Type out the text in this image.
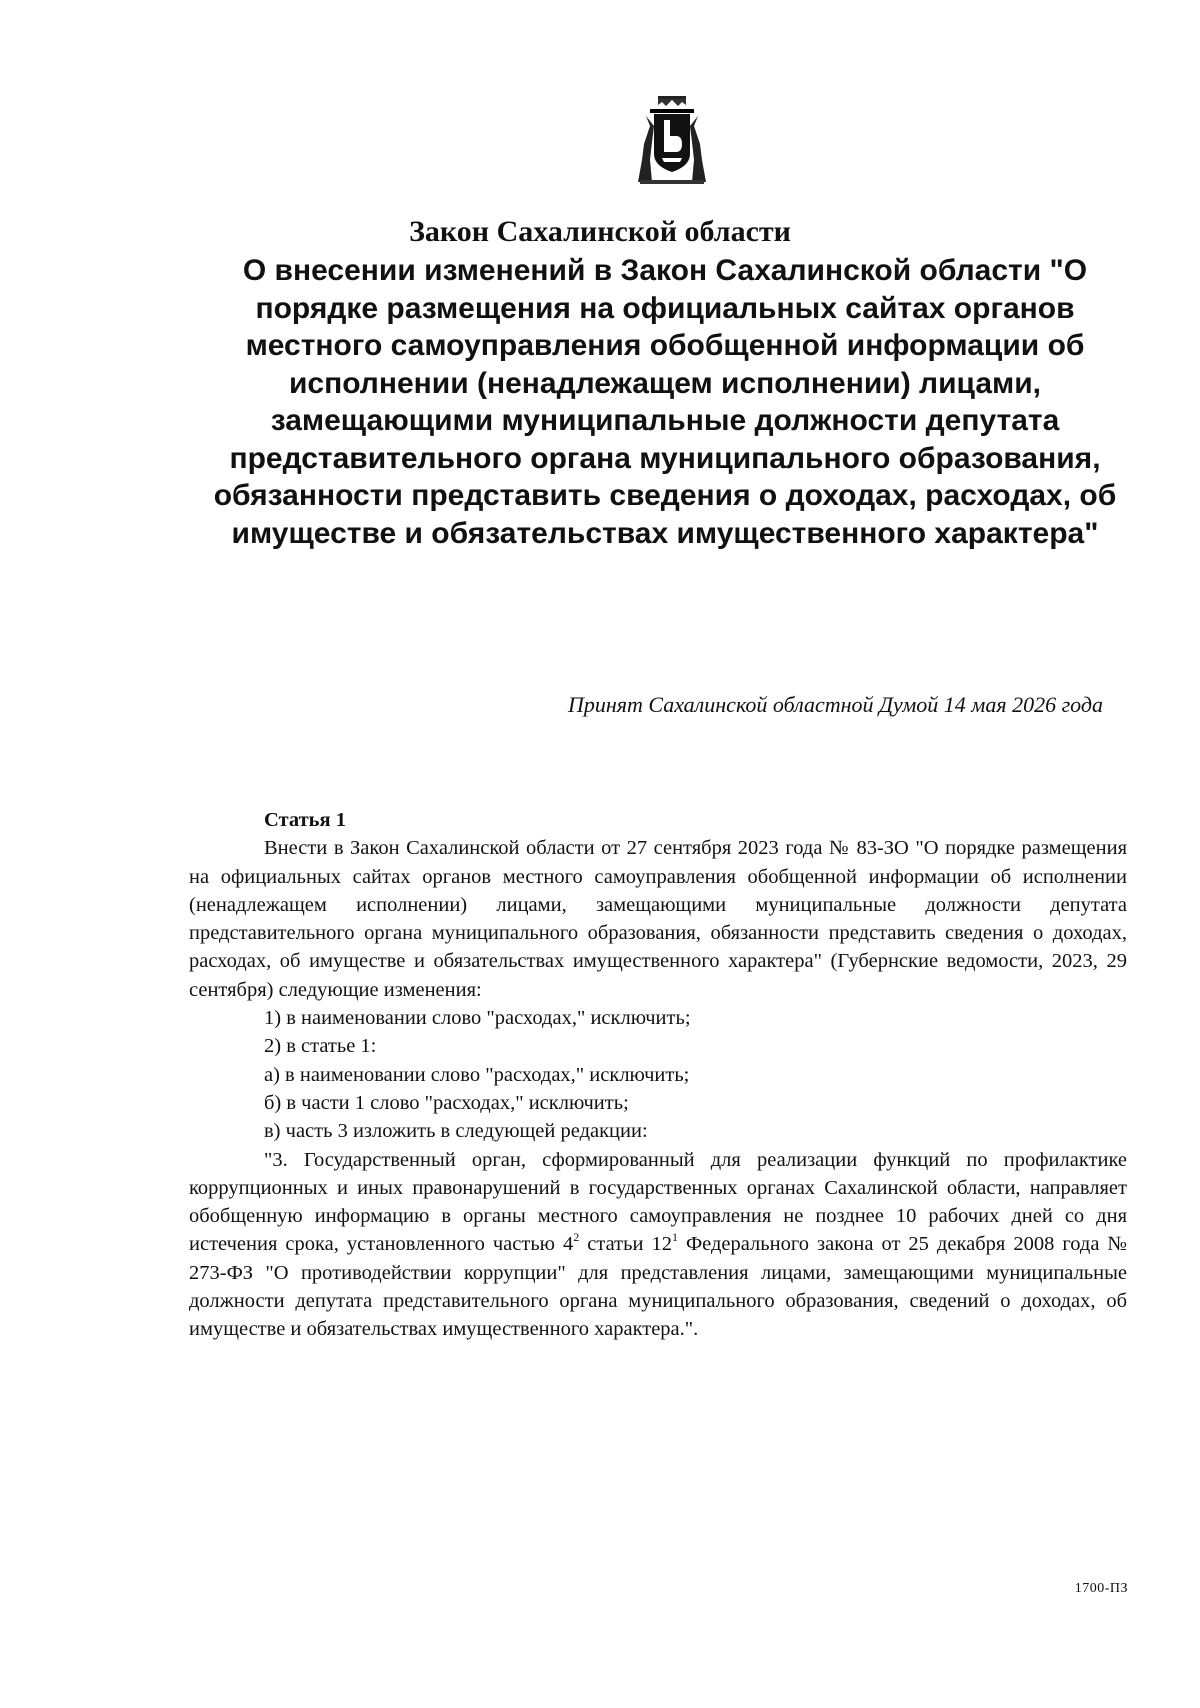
Закон Сахалинской области
О внесении изменений в Закон Сахалинской области "О порядке размещения на официальных сайтах органов местного самоуправления обобщенной информации об исполнении (ненадлежащем исполнении) лицами, замещающими муниципальные должности депутата представительного органа муниципального образования, обязанности представить сведения о доходах, расходах, об имуществе и обязательствах имущественного характера"
Принят Сахалинской областной Думой 14 мая 2026 года

Статья 1

Внести в Закон Сахалинской области от 27 сентября 2023 года № 83-ЗО "О порядке размещения на официальных сайтах органов местного самоуправления обобщенной информации об исполнении (ненадлежащем исполнении) лицами, замещающими муниципальные должности депутата представительного органа муниципального образования, обязанности представить сведения о доходах, расходах, об имуществе и обязательствах имущественного характера" (Губернские ведомости, 2023, 29 сентября) следующие изменения:

1) в наименовании слово "расходах," исключить;

2) в статье 1:

а) в наименовании слово "расходах," исключить;

б) в части 1 слово "расходах," исключить;

в) часть 3 изложить в следующей редакции:

"3. Государственный орган, сформированный для реализации функций по профилактике коррупционных и иных правонарушений в государственных органах Сахалинской области, направляет обобщенную информацию в органы местного самоуправления не позднее 10 рабочих дней со дня истечения срока, установленного частью $4^2$ статьи $12^1$ Федерального закона от 25 декабря 2008 года № 273-ФЗ "О противодействии коррупции" для представления лицами, замещающими муниципальные должности депутата представительного органа муниципального образования, сведений о доходах, об имуществе и обязательствах имущественного характера.".

1700-ПЗ
